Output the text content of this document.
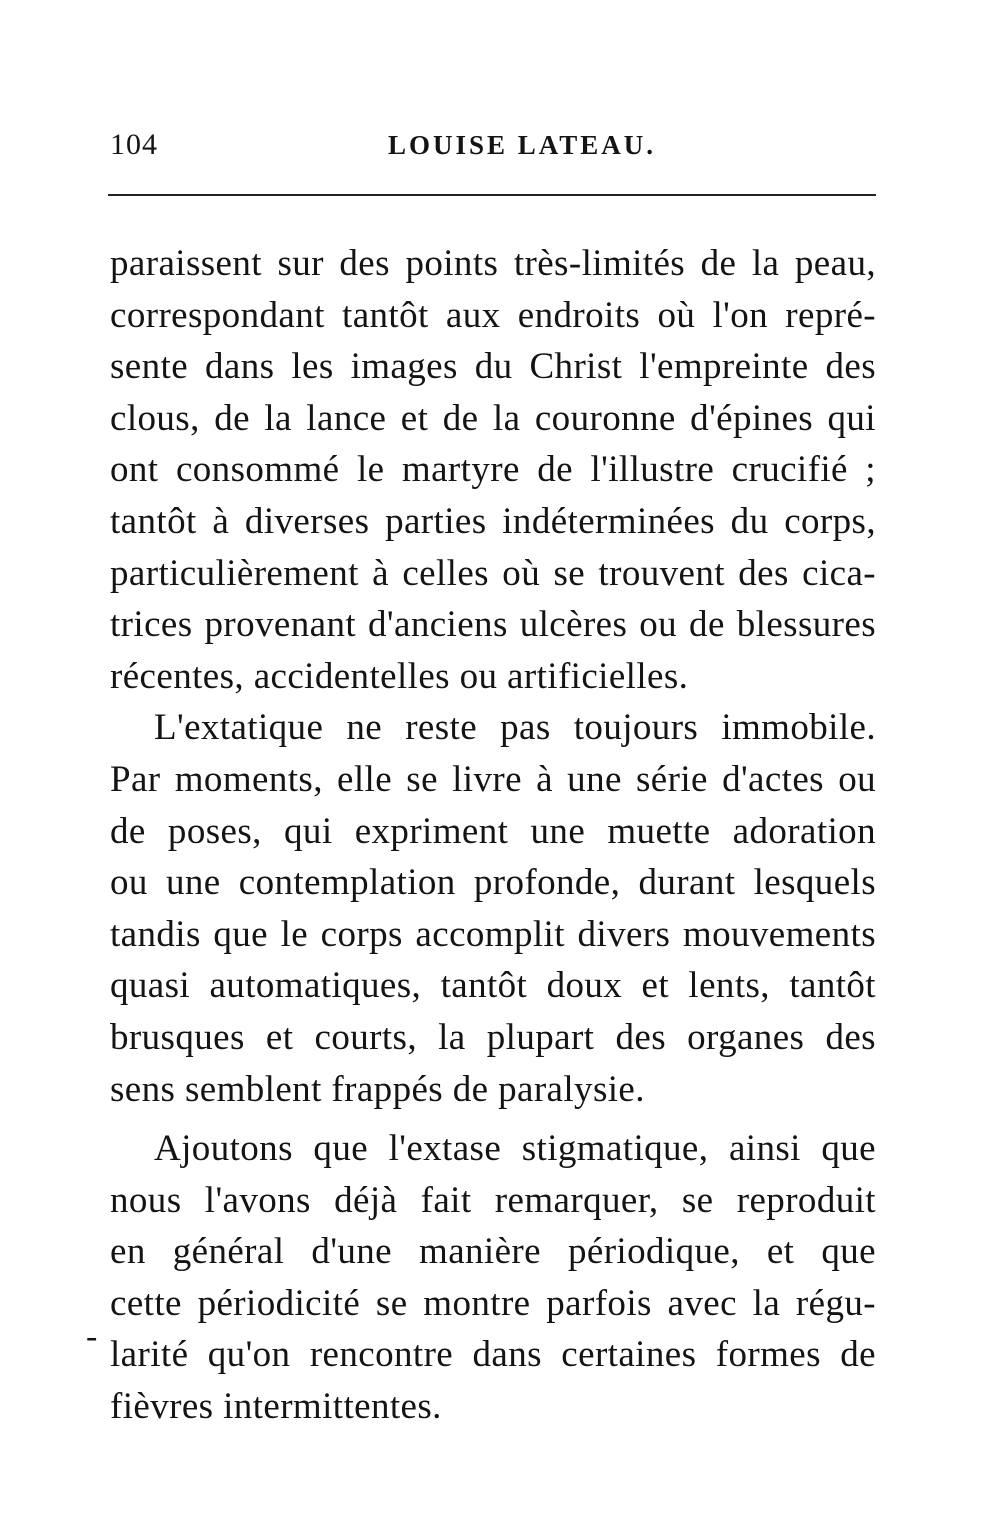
104	LOUISE LATEAU.
paraissent sur des points très-limités de la peau,
correspondant tantôt aux endroits où l'on repré-
sente dans les images du Christ l'empreinte des
clous, de la lance et de la couronne d'épines qui
ont consommé le martyre de l'illustre crucifié ;
tantôt à diverses parties indéterminées du corps,
particulièrement à celles où se trouvent des cica-
trices provenant d'anciens ulcères ou de blessures
récentes, accidentelles ou artificielles.
L'extatique ne reste pas toujours immobile.
Par moments, elle se livre à une série d'actes ou
de poses, qui expriment une muette adoration
ou une contemplation profonde, durant lesquels
tandis que le corps accomplit divers mouvements
quasi automatiques, tantôt doux et lents, tantôt
brusques et courts, la plupart des organes des
sens semblent frappés de paralysie.
Ajoutons que l'extase stigmatique, ainsi que
nous l'avons déjà fait remarquer, se reproduit
en général d'une manière périodique, et que
cette périodicité se montre parfois avec la régu-
larité qu'on rencontre dans certaines formes de
fièvres intermittentes.
-
